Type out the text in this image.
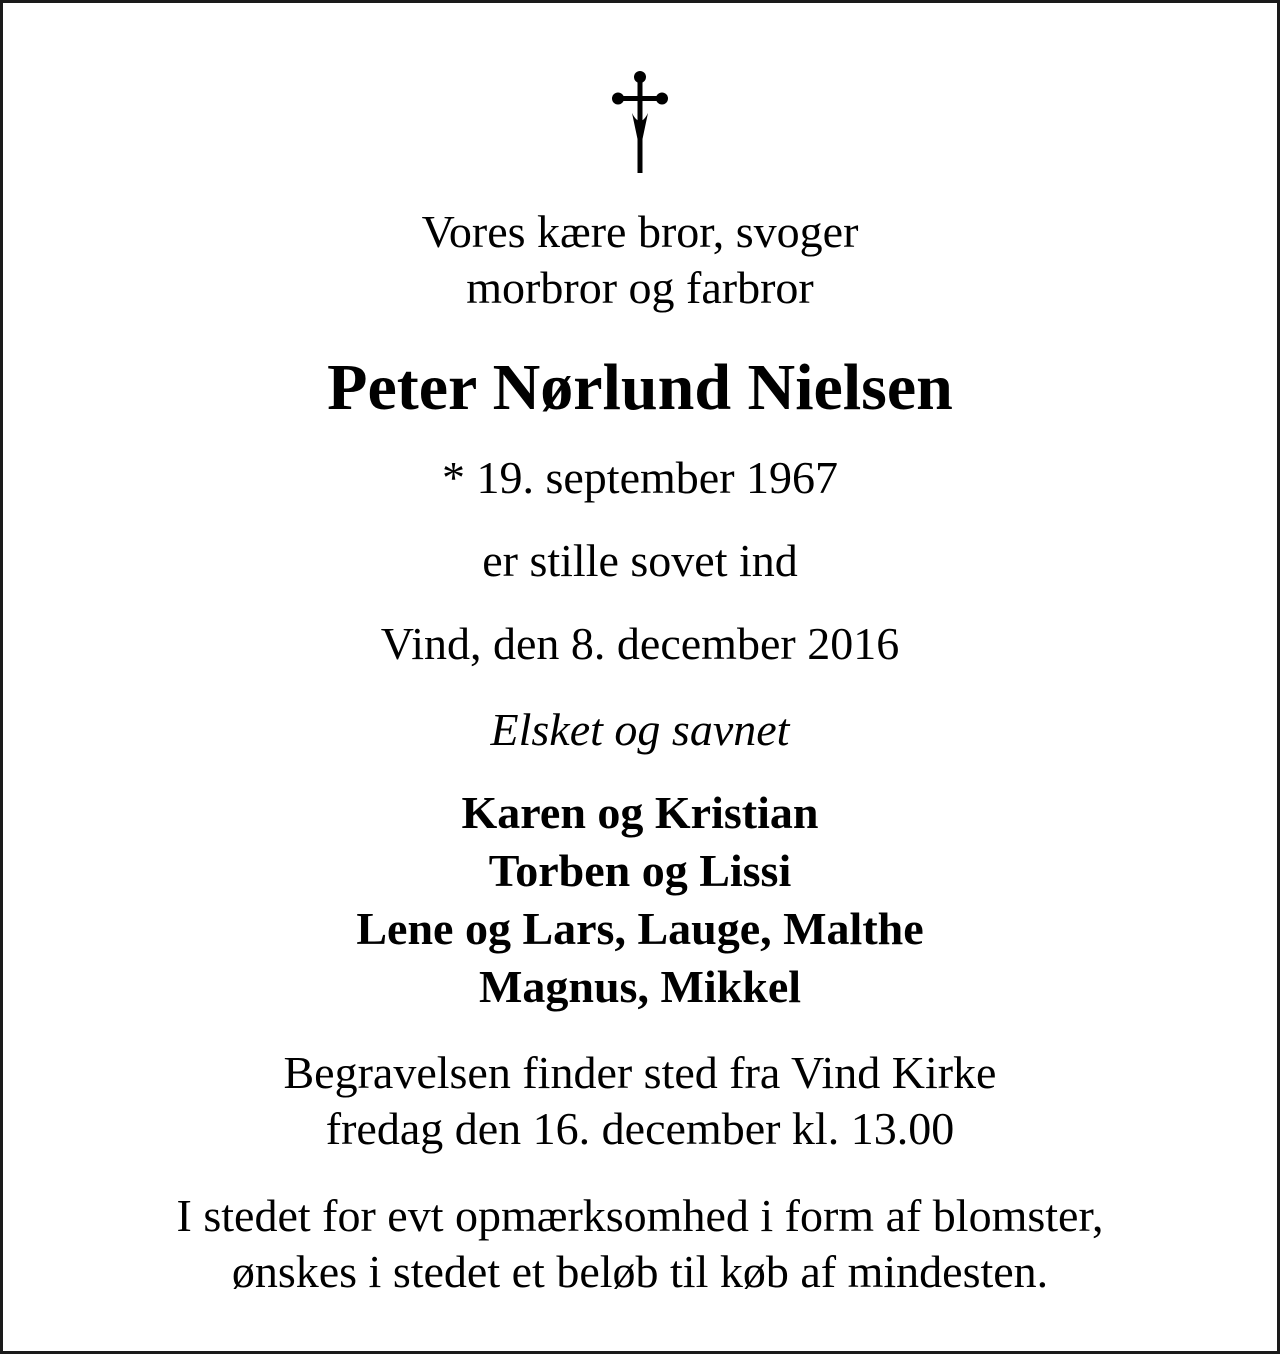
Vores kære bror, svoger
morbror og farbror
Peter Nørlund Nielsen
* 19. september 1967
er stille sovet ind
Vind, den 8. december 2016
Elsket og savnet
Karen og Kristian
Torben og Lissi
Lene og Lars, Lauge, Malthe
Magnus, Mikkel
Begravelsen finder sted fra Vind Kirke
fredag den 16. december kl. 13.00
I stedet for evt opmærksomhed i form af blomster,
ønskes i stedet et beløb til køb af mindesten.
